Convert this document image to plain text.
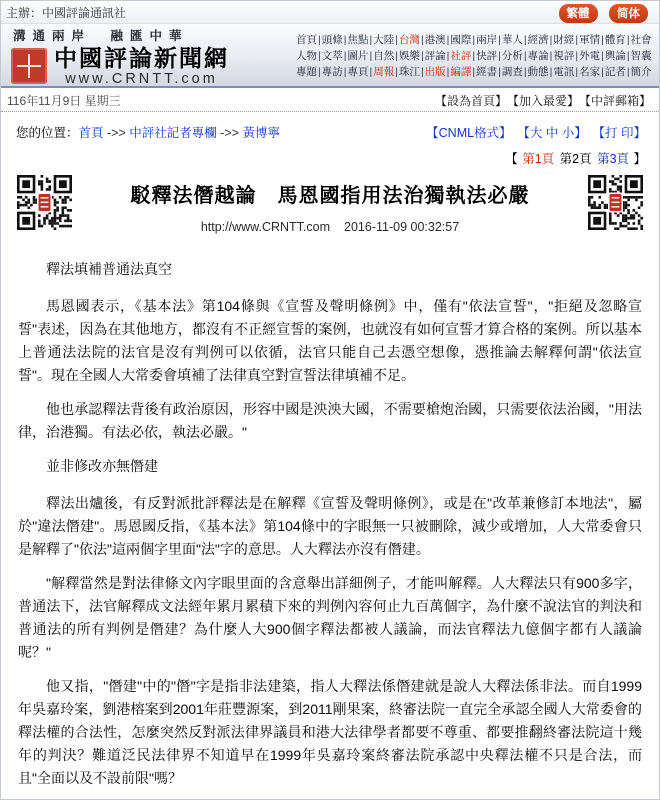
主辦：中國評論通訊社	繁體 简体
溝通兩岸　融匯中華
中國評論新聞網
www.CRNTT.com
首頁|頭條|焦點|大陸|台灣|港澳|國際|兩岸|華人|經濟|財經|軍情|體育|社會
人物|文萃|圖片|自然|娛樂|評論|社評|快評|分析|專論|視評|外電|輿論|智囊
專題|專訪|專頁|周報|珠江|出版|編譯|經書|調查|動態|電訊|名家|記者|簡介
116年11月9日 星期三	【設為首頁】 【加入最愛】 【中評郵箱】
您的位置：首頁 ->> 中評社記者專欄 ->> 黃博寧	【CNML格式】 【大 中 小】 【打 印】
【 第1頁 第2頁 第3頁 】
駁釋法僭越論　馬恩國指用法治獨執法必嚴
http://www.CRNTT.com 2016-11-09 00:32:57

釋法填補普通法真空

馬恩國表示，《基本法》第104條與《宣誓及聲明條例》中，僅有"依法宣誓"，"拒絕及忽略宣誓"表述，因為在其他地方，都沒有不正經宣誓的案例，也就沒有如何宣誓才算合格的案例。所以基本上普通法法院的法官是沒有判例可以依循，法官只能自己去憑空想像，憑推論去解釋何謂"依法宣誓"。現在全國人大常委會填補了法律真空對宣誓法律填補不足。

他也承認釋法背後有政治原因，形容中國是泱泱大國，不需要槍炮治國，只需要依法治國，"用法律，治港獨。有法必依，執法必嚴。"

並非修改亦無僭建

釋法出爐後，有反對派批評釋法是在解釋《宣誓及聲明條例》，或是在"改革兼修訂本地法"，屬於"違法僭建"。馬恩國反指，《基本法》第104條中的字眼無一只被刪除，減少或增加，人大常委會只是解釋了"依法"這兩個字里面"法"字的意思。人大釋法亦沒有僭建。

"解釋當然是對法律條文內字眼里面的含意舉出詳細例子，才能叫解釋。人大釋法只有900多字，普通法下，法官解釋成文法經年累月累積下來的判例內容何止九百萬個字，為什麼不說法官的判決和普通法的所有判例是僭建？為什麼人大900個字釋法都被人議論，而法官釋法九億個字都冇人議論呢？"

他又指，"僭建"中的"僭"字是指非法建築，指人大釋法係僭建就是說人大釋法係非法。而自1999年吳嘉玲案，劉港榕案到2001年莊豐源案，到2011剛果案，終審法院一直完全承認全國人大常委會的釋法權的合法性，怎麼突然反對派法律界議員和港大法律學者都要不尊重、都要推翻終審法院這十幾年的判決？難道泛民法律界不知道早在1999年吳嘉玲案終審法院承認中央釋法權不只是合法，而且"全面以及不設前限"嗎？
